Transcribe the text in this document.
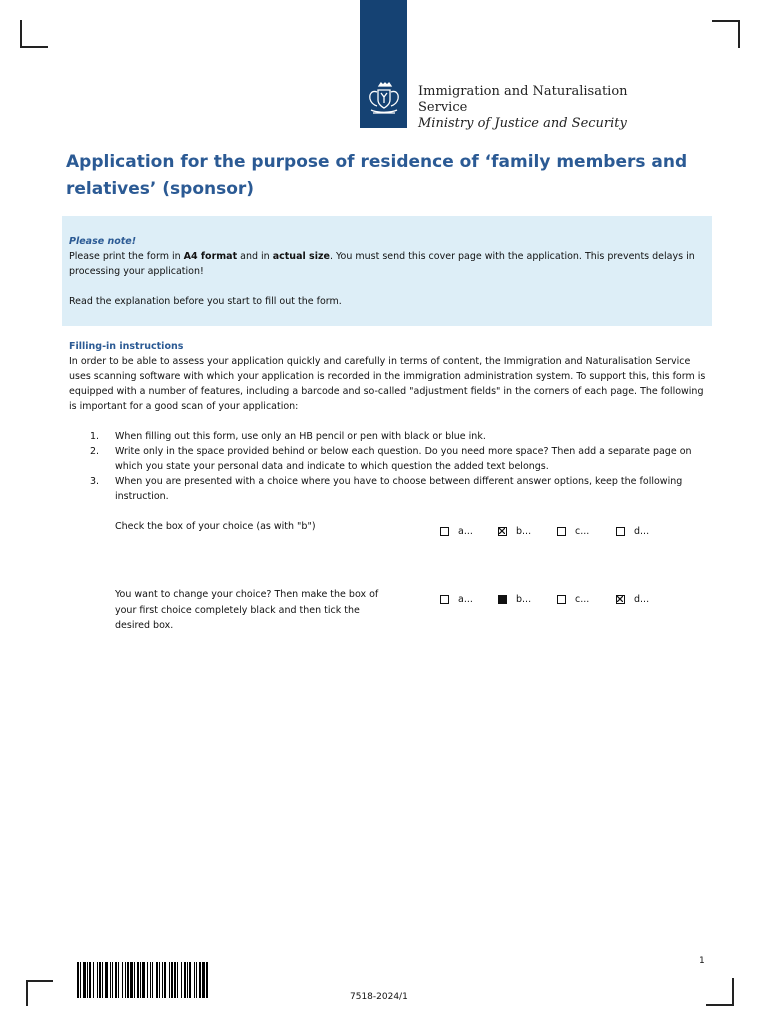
Immigration and Naturalisation
Service
Ministry of Justice and Security
Application for the purpose of residence of ‘family members and relatives’ (sponsor)

Please note!

Please print the form in A4 format and in actual size. You must send this cover page with the application. This prevents delays in processing your application!

Read the explanation before you start to fill out the form.

Filling-in instructions

In order to be able to assess your application quickly and carefully in terms of content, the Immigration and Naturalisation Service uses scanning software with which your application is recorded in the immigration administration system. To support this, this form is equipped with a number of features, including a barcode and so-called "adjustment fields" in the corners of each page. The following is important for a good scan of your application:

1. When filling out this form, use only an HB pencil or pen with black or blue ink.
2. Write only in the space provided behind or below each question. Do you need more space? Then add a separate page on which you state your personal data and indicate to which question the added text belongs.
3. When you are presented with a choice where you have to choose between different answer options, keep the following instruction.
Check the box of your choice (as with "b")	a...	b...	c...	d...
You want to change your choice? Then make the box of your first choice completely black and then tick the desired box.
a...	b...	c...	d...
7518-2024/1
1
